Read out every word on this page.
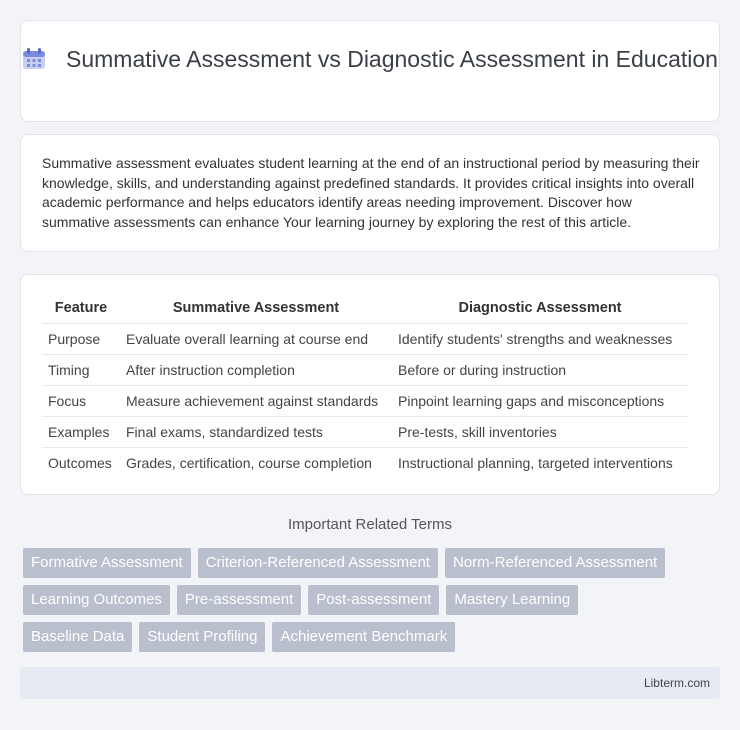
Summative Assessment vs Diagnostic Assessment in Education

Summative assessment evaluates student learning at the end of an instructional period by measuring their knowledge, skills, and understanding against predefined standards. It provides critical insights into overall academic performance and helps educators identify areas needing improvement. Discover how summative assessments can enhance Your learning journey by exploring the rest of this article.

Feature	Summative Assessment	Diagnostic Assessment
Purpose	Evaluate overall learning at course end	Identify students' strengths and weaknesses
Timing	After instruction completion	Before or during instruction
Focus	Measure achievement against standards	Pinpoint learning gaps and misconceptions
Examples	Final exams, standardized tests	Pre-tests, skill inventories
Outcomes	Grades, certification, course completion	Instructional planning, targeted interventions
Important Related Terms
Formative Assessment	Criterion-Referenced Assessment	Norm-Referenced Assessment
Learning Outcomes	Pre-assessment	Post-assessment	Mastery Learning
Baseline Data	Student Profiling	Achievement Benchmark
Libterm.com
